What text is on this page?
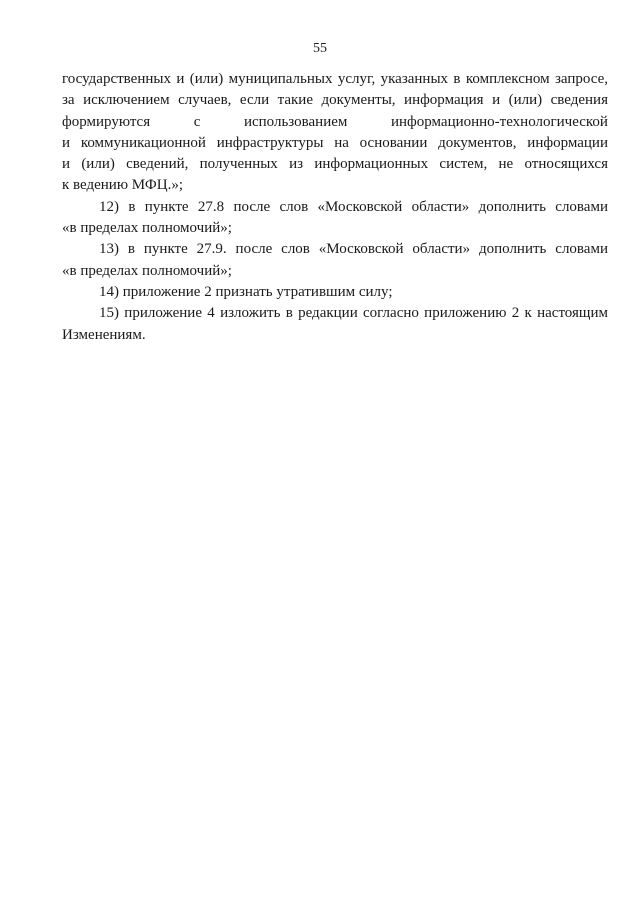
55

государственных и (или) муниципальных услуг, указанных в комплексном запросе,
за исключением случаев, если такие документы, информация и (или) сведения
формируются	с	использованием	информационно-технологической
и коммуникационной инфраструктуры на основании документов, информации
и (или) сведений, полученных из информационных систем, не относящихся
к ведению МФЦ.»;

12) в пункте 27.8 после слов «Московской области» дополнить словами
«в пределах полномочий»;

13) в пункте 27.9. после слов «Московской области» дополнить словами
«в пределах полномочий»;

14) приложение 2 признать утратившим силу;

15) приложение 4 изложить в редакции согласно приложению 2 к настоящим
Изменениям.
